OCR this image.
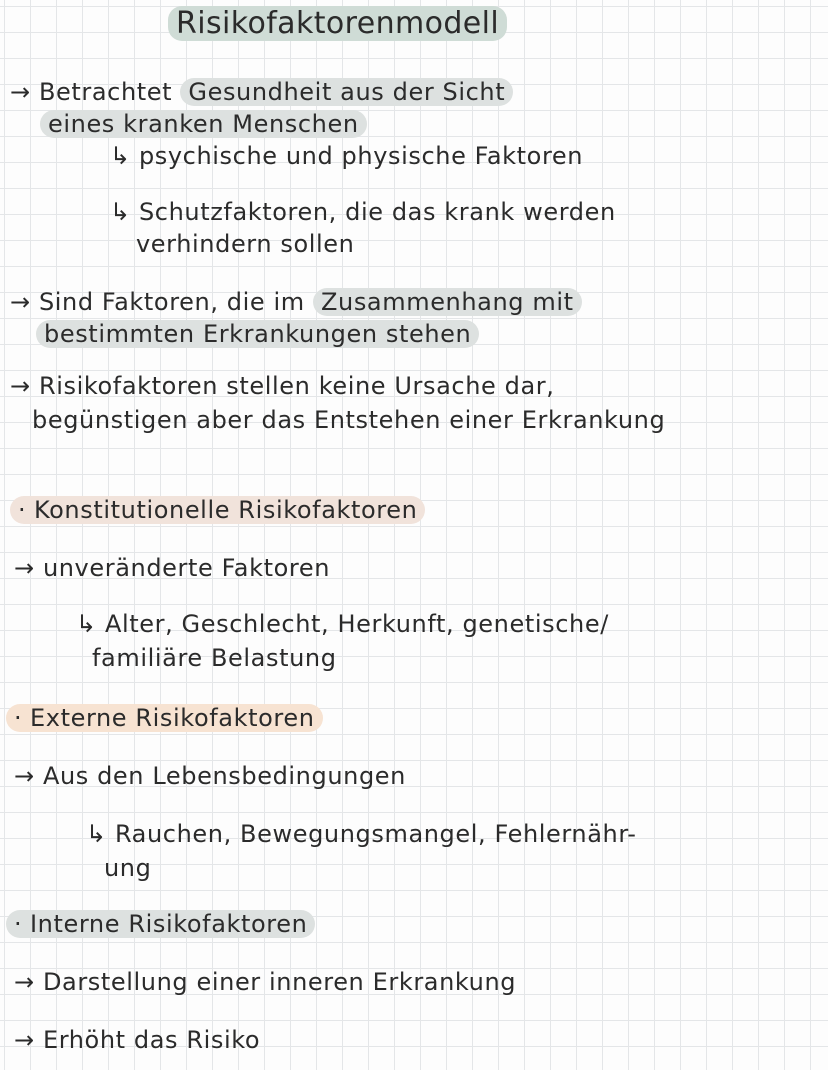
Risikofaktorenmodell
→ Betrachtet Gesundheit aus der Sicht
eines kranken Menschen
↳ psychische und physische Faktoren
↳ Schutzfaktoren, die das krank werden
verhindern sollen
→ Sind Faktoren, die im Zusammenhang mit
bestimmten Erkrankungen stehen
→ Risikofaktoren stellen keine Ursache dar,
begünstigen aber das Entstehen einer Erkrankung
· Konstitutionelle Risikofaktoren
→ unveränderte Faktoren
↳ Alter, Geschlecht, Herkunft, genetische/
familiäre Belastung
· Externe Risikofaktoren
→ Aus den Lebensbedingungen
↳ Rauchen, Bewegungsmangel, Fehlernähr-
ung
· Interne Risikofaktoren
→ Darstellung einer inneren Erkrankung
→ Erhöht das Risiko
